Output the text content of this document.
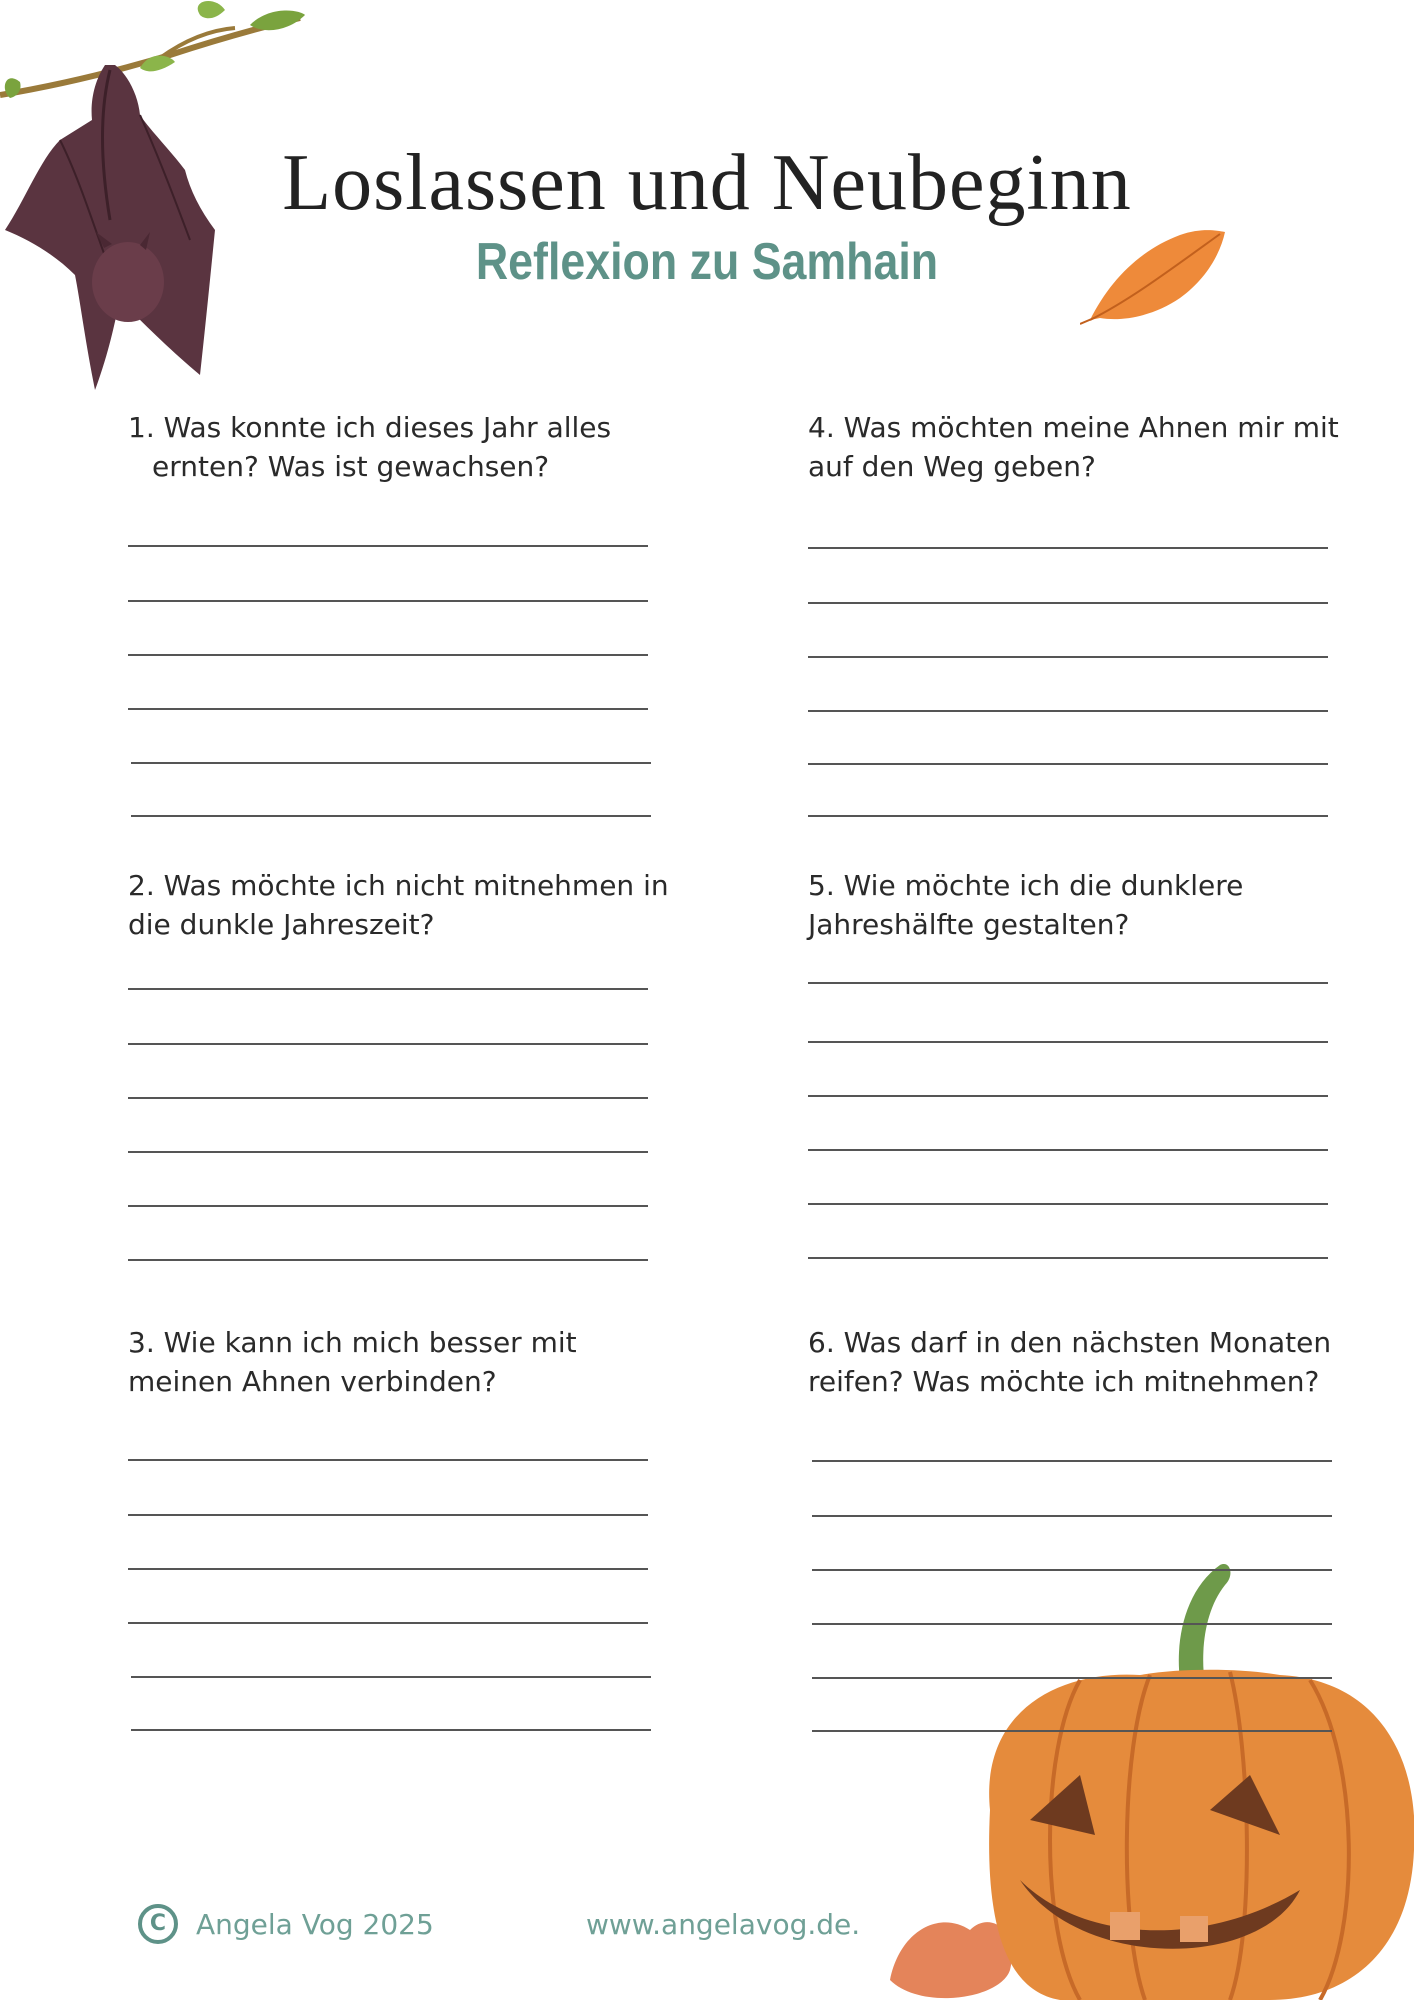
Loslassen und Neubeginn
Reflexion zu Samhain
1. Was konnte ich dieses Jahr alles ernten? Was ist gewachsen?
4. Was möchten meine Ahnen mir mit auf den Weg geben?
2. Was möchte ich nicht mitnehmen in die dunkle Jahreszeit?
5. Wie möchte ich die dunklere Jahreshälfte gestalten?
3. Wie kann ich mich besser mit meinen Ahnen verbinden?
6. Was darf in den nächsten Monaten reifen? Was möchte ich mitnehmen?
C	Angela Vog 2025	www.angelavog.de.
